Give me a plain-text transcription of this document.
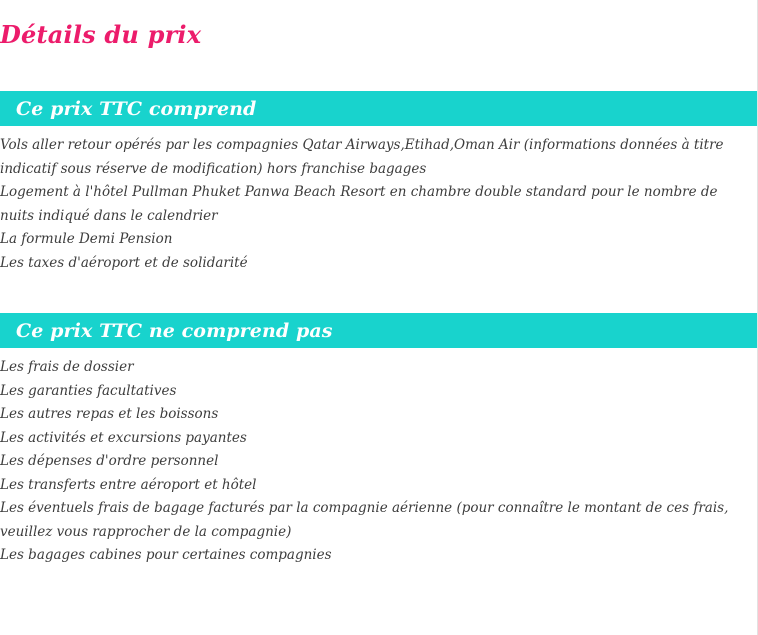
Détails du prix
Ce prix TTC comprend
Vols aller retour opérés par les compagnies Qatar Airways,Etihad,Oman Air (informations données à titre indicatif sous réserve de modification) hors franchise bagages
Logement à l'hôtel Pullman Phuket Panwa Beach Resort en chambre double standard pour le nombre de nuits indiqué dans le calendrier
La formule Demi Pension
Les taxes d'aéroport et de solidarité
Ce prix TTC ne comprend pas
Les frais de dossier
Les garanties facultatives
Les autres repas et les boissons
Les activités et excursions payantes
Les dépenses d'ordre personnel
Les transferts entre aéroport et hôtel
Les éventuels frais de bagage facturés par la compagnie aérienne (pour connaître le montant de ces frais, veuillez vous rapprocher de la compagnie)
Les bagages cabines pour certaines compagnies
